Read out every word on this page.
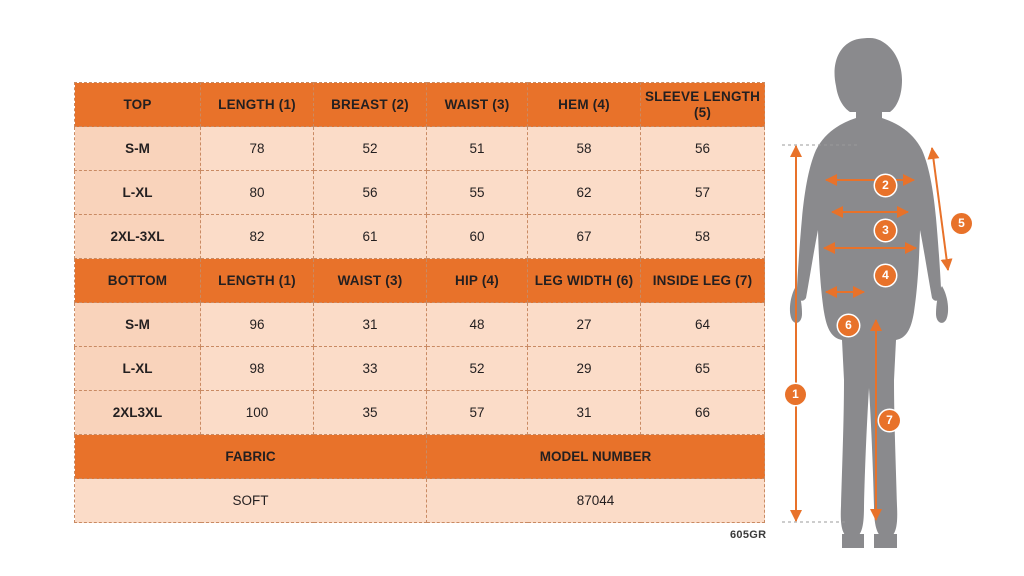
TOP	LENGTH (1)	BREAST (2)	WAIST (3)	HEM (4)	SLEEVE LENGTH (5)
S-M	78	52	51	58	56
L-XL	80	56	55	62	57
2XL-3XL	82	61	60	67	58
BOTTOM	LENGTH (1)	WAIST (3)	HIP (4)	LEG WIDTH (6)	INSIDE LEG (7)
S-M	96	31	48	27	64
L-XL	98	33	52	29	65
2XL3XL	100	35	57	31	66
FABRIC			MODEL NUMBER		
SOFT			87044		
605GR
2
3
4
5
6
1
7
